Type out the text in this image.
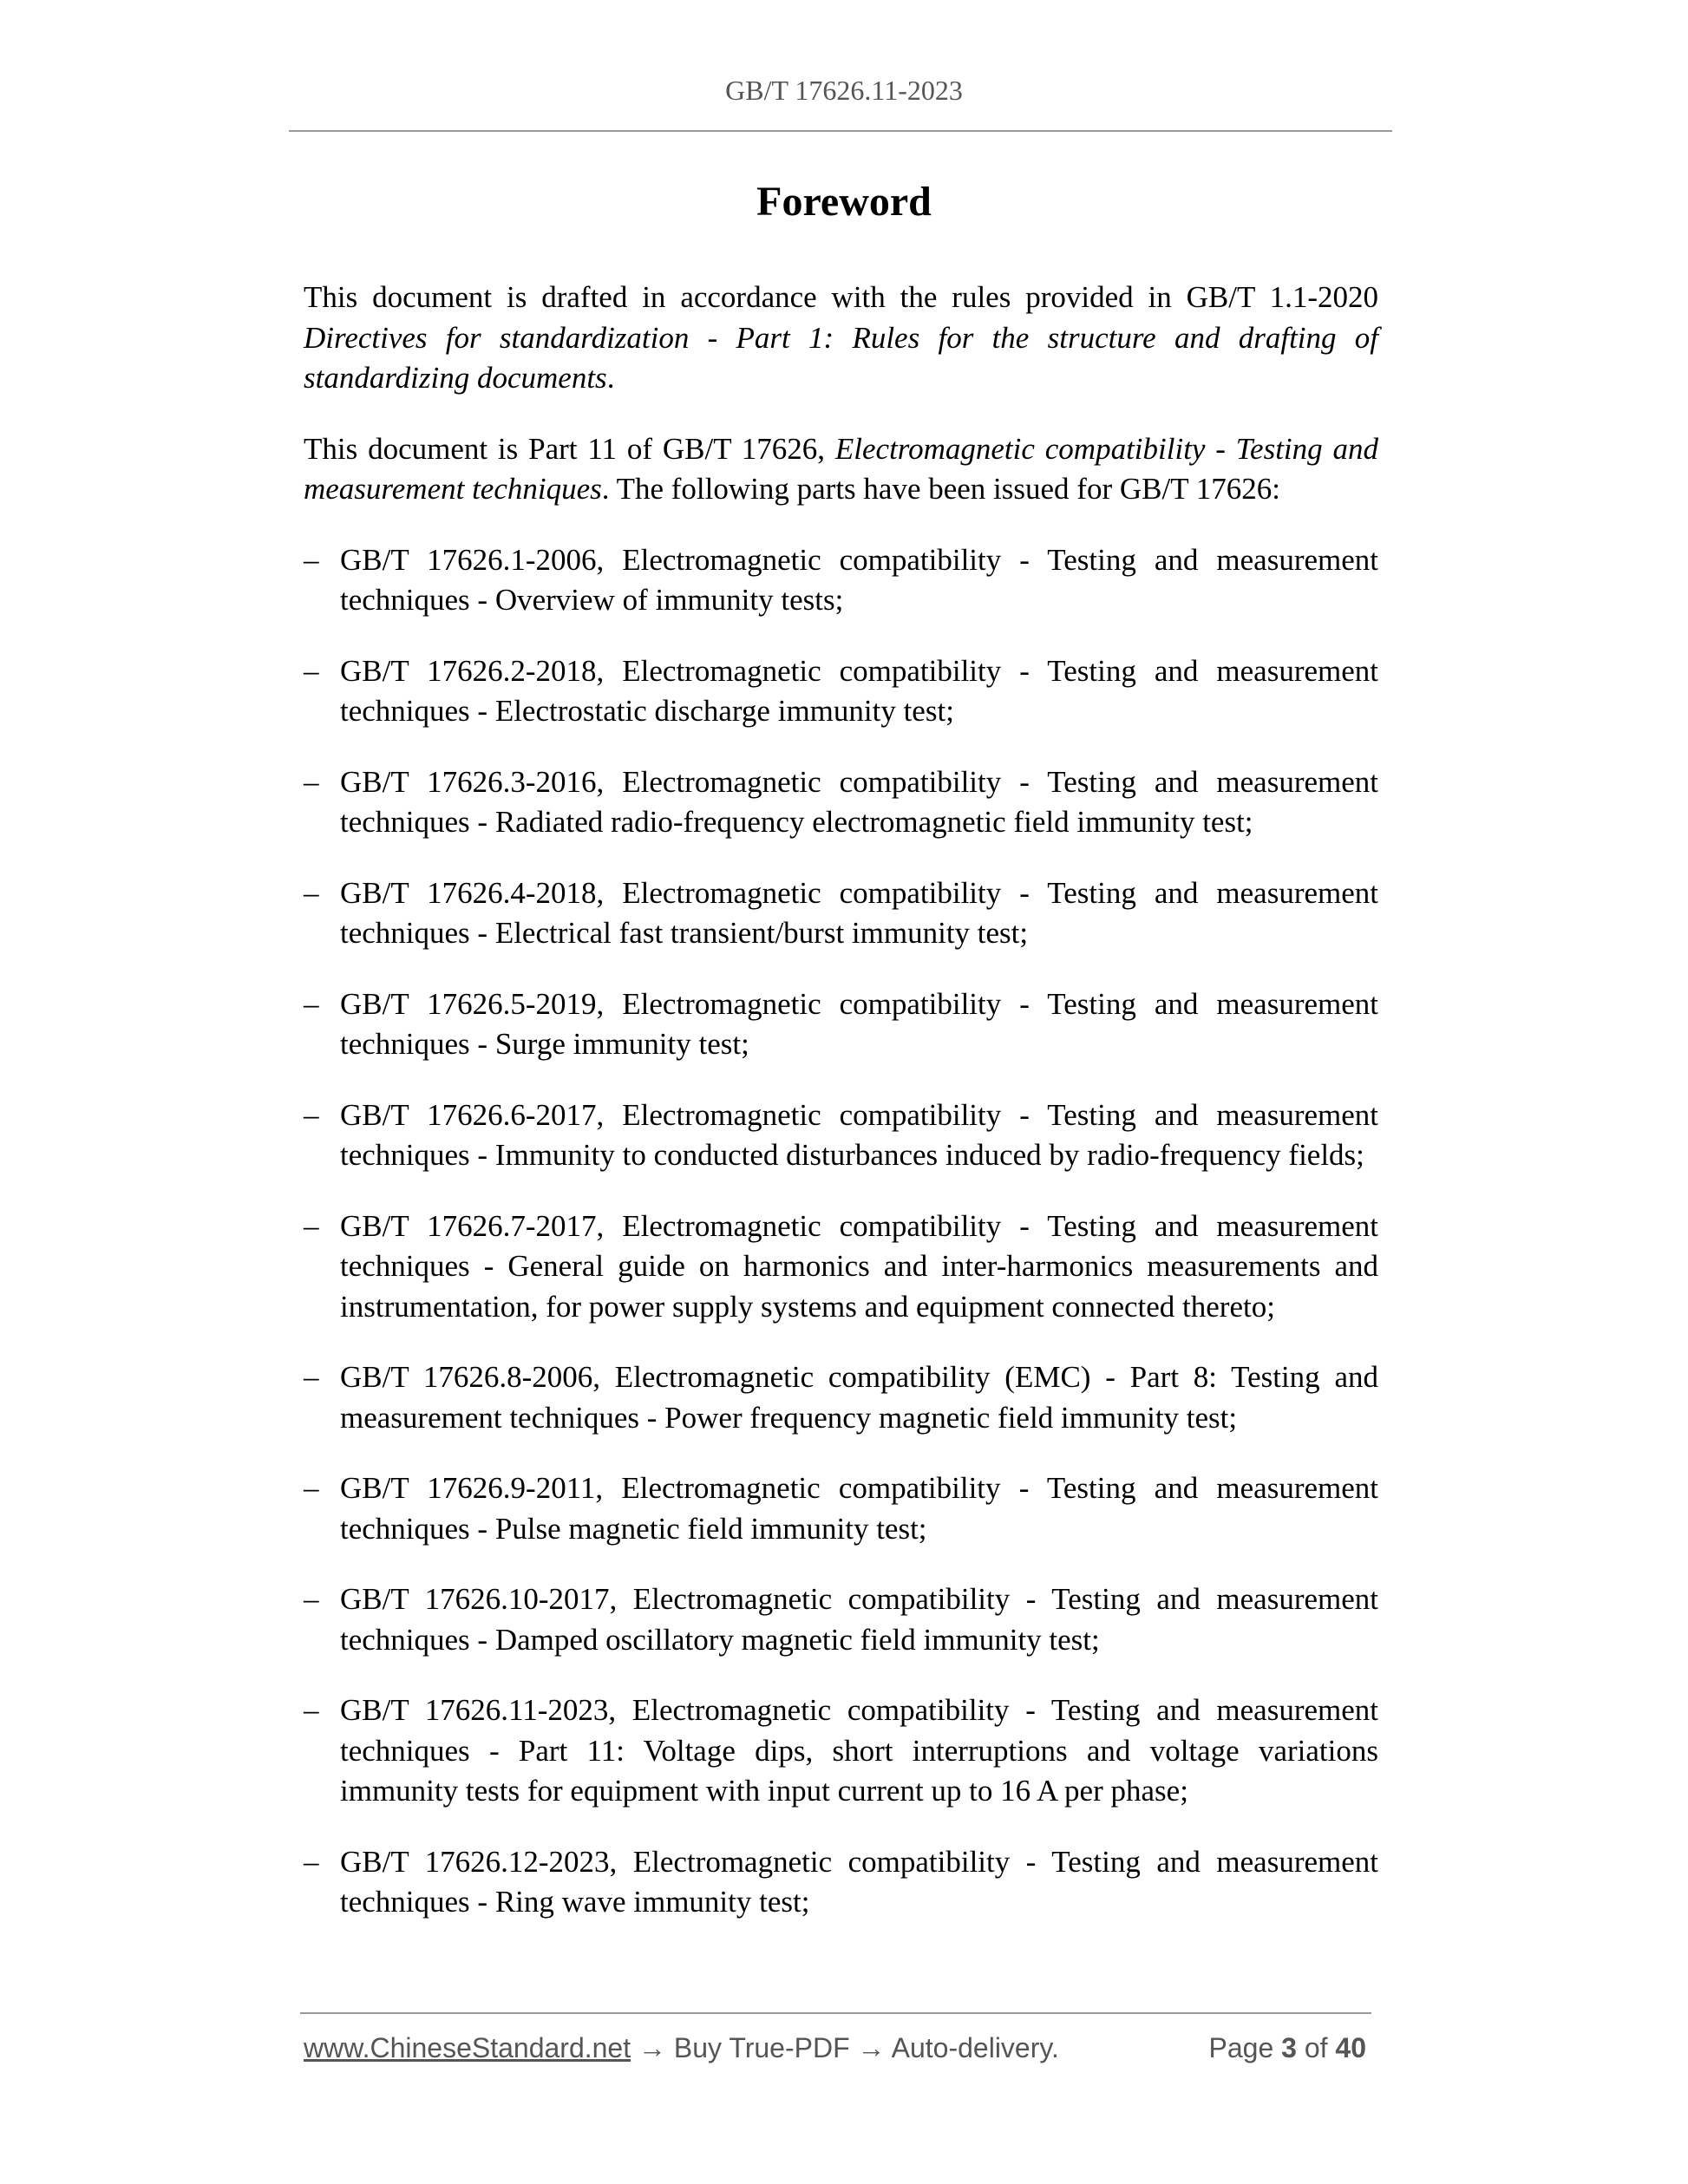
GB/T 17626.11-2023
Foreword

This document is drafted in accordance with the rules provided in GB/T 1.1-2020 Directives for standardization - Part 1: Rules for the structure and drafting of standardizing documents.

This document is Part 11 of GB/T 17626, Electromagnetic compatibility - Testing and measurement techniques. The following parts have been issued for GB/T 17626:

– GB/T 17626.1-2006, Electromagnetic compatibility - Testing and measurement techniques - Overview of immunity tests;
– GB/T 17626.2-2018, Electromagnetic compatibility - Testing and measurement techniques - Electrostatic discharge immunity test;
– GB/T 17626.3-2016, Electromagnetic compatibility - Testing and measurement techniques - Radiated radio-frequency electromagnetic field immunity test;
– GB/T 17626.4-2018, Electromagnetic compatibility - Testing and measurement techniques - Electrical fast transient/burst immunity test;
– GB/T 17626.5-2019, Electromagnetic compatibility - Testing and measurement techniques - Surge immunity test;
– GB/T 17626.6-2017, Electromagnetic compatibility - Testing and measurement techniques - Immunity to conducted disturbances induced by radio-frequency fields;
– GB/T 17626.7-2017, Electromagnetic compatibility - Testing and measurement techniques - General guide on harmonics and inter-harmonics measurements and instrumentation, for power supply systems and equipment connected thereto;
– GB/T 17626.8-2006, Electromagnetic compatibility (EMC) - Part 8: Testing and measurement techniques - Power frequency magnetic field immunity test;
– GB/T 17626.9-2011, Electromagnetic compatibility - Testing and measurement techniques - Pulse magnetic field immunity test;
– GB/T 17626.10-2017, Electromagnetic compatibility - Testing and measurement techniques - Damped oscillatory magnetic field immunity test;
– GB/T 17626.11-2023, Electromagnetic compatibility - Testing and measurement techniques - Part 11: Voltage dips, short interruptions and voltage variations immunity tests for equipment with input current up to 16 A per phase;
– GB/T 17626.12-2023, Electromagnetic compatibility - Testing and measurement techniques - Ring wave immunity test;
www.ChineseStandard.net → Buy True-PDF → Auto-delivery.	Page 3 of 40
